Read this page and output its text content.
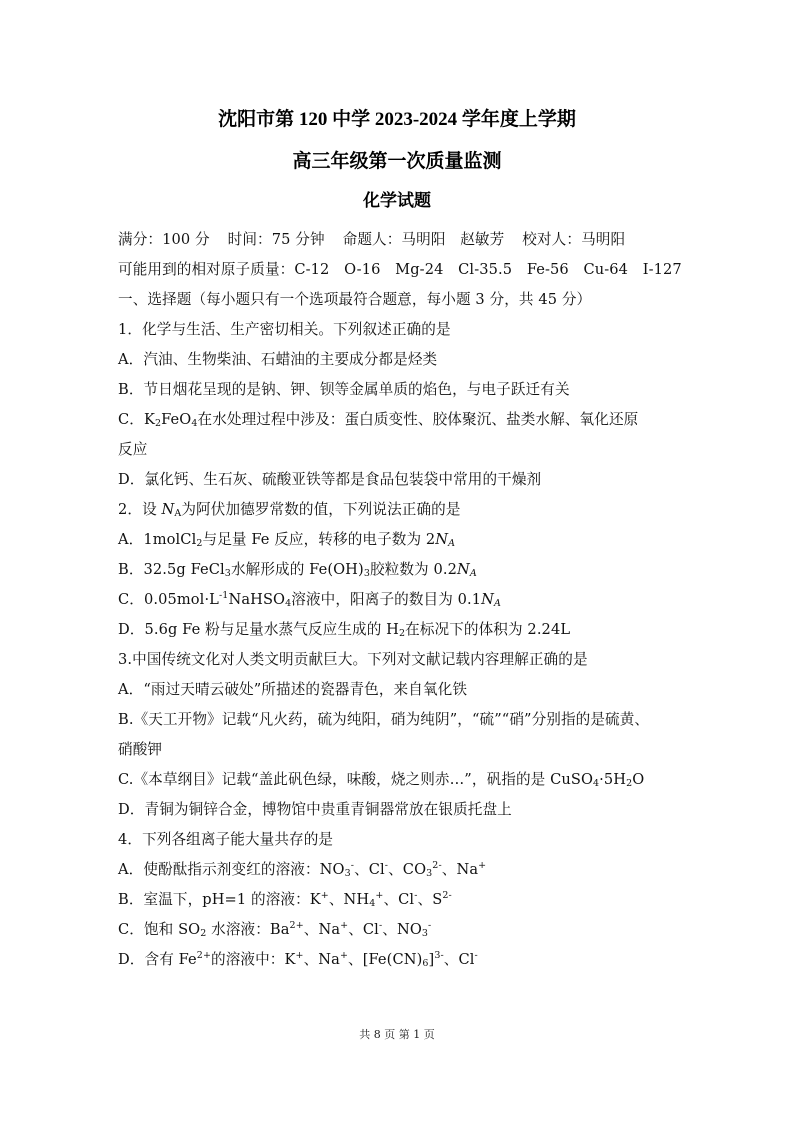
沈阳市第 120 中学 2023-2024 学年度上学期
高三年级第一次质量监测
化学试题
满分：100 分 时间：75 分钟 命题人：马明阳　赵敏芳 校对人：马明阳
可能用到的相对原子质量：C-12　O-16　Mg-24　Cl-35.5　Fe-56　Cu-64　I-127
一、选择题（每小题只有一个选项最符合题意，每小题 3 分，共 45 分）
1．化学与生活、生产密切相关。下列叙述正确的是
A．汽油、生物柴油、石蜡油的主要成分都是烃类
B．节日烟花呈现的是钠、钾、钡等金属单质的焰色，与电子跃迁有关
C．$K_2FeO_4$在水处理过程中涉及：蛋白质变性、胶体聚沉、盐类水解、氧化还原
反应
D．氯化钙、生石灰、硫酸亚铁等都是食品包装袋中常用的干燥剂
2．设 $N_A$为阿伏加德罗常数的值，下列说法正确的是
A．1molCl$_2$与足量 Fe 反应，转移的电子数为 $2N_A$
B．32.5g FeCl$_3$水解形成的 $Fe(OH)_3$胶粒数为 $0.2N_A$
C．$0.05mol\cdot L^{-1}NaHSO_4$溶液中，阳离子的数目为 $0.1N_A$
D．5.6g Fe 粉与足量水蒸气反应生成的 $H_2$在标况下的体积为 2.24L
3.中国传统文化对人类文明贡献巨大。下列对文献记载内容理解正确的是
A．“雨过天晴云破处”所描述的瓷器青色，来自氧化铁
B.《天工开物》记载“凡火药，硫为纯阳，硝为纯阴”，“硫”“硝”分别指的是硫黄、
硝酸钾
C.《本草纲目》记载“盖此矾色绿，味酸，烧之则赤…”，矾指的是 $CuSO_4\cdot 5H_2O$
D．青铜为铜锌合金，博物馆中贵重青铜器常放在银质托盘上
4．下列各组离子能大量共存的是
A．使酚酞指示剂变红的溶液：$NO_3^-$、Cl-、$CO_3^{2-}$、Na+
B．室温下，pH=1 的溶液：K+、$NH_4^+$、Cl-、$S^{2-}$
C．饱和 $SO_2$ 水溶液：$Ba^{2+}$、Na+、Cl-、$NO_3^-$
D．含有 $Fe^{2+}$的溶液中：K+、Na+、$[Fe(CN)_6]^{3-}$、Cl-
共 8 页 第 1 页
